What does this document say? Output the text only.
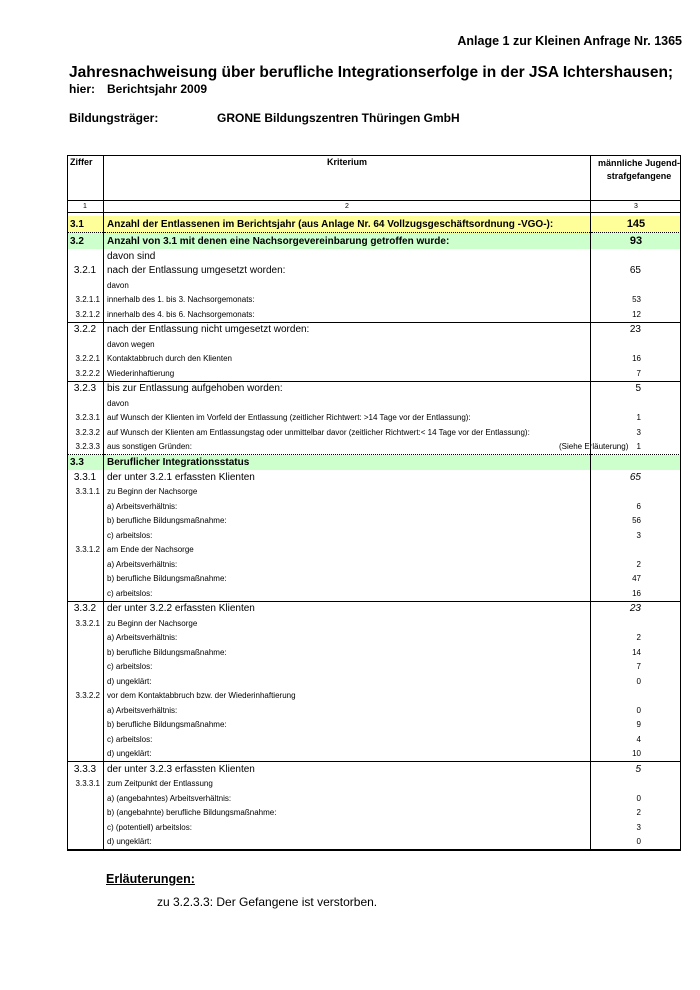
Anlage 1 zur Kleinen Anfrage Nr. 1365
Jahresnachweisung über berufliche Integrationserfolge in der JSA Ichtershausen;
hier: Berichtsjahr 2009
Bildungsträger:	GRONE Bildungszentren Thüringen GmbH
Ziffer	Kriterium	männliche Jugend-strafgefangene
1	2	3

3.1	Anzahl der Entlassenen im Berichtsjahr (aus Anlage Nr. 64 Vollzugsgeschäftsordnung -VGO-):	145
3.2	Anzahl von 3.1 mit denen eine Nachsorgevereinbarung getroffen wurde:	93
	davon sind	
3.2.1	nach der Entlassung umgesetzt worden:	65
	davon	
3.2.1.1	innerhalb des 1. bis 3. Nachsorgemonats:	53
3.2.1.2	innerhalb des 4. bis 6. Nachsorgemonats:	12
3.2.2	nach der Entlassung nicht umgesetzt worden:	23
	davon wegen	
3.2.2.1	Kontaktabbruch durch den Klienten	16
3.2.2.2	Wiederinhaftierung	7
3.2.3	bis zur Entlassung aufgehoben worden:	5
	davon	
3.2.3.1	auf Wunsch der Klienten im Vorfeld der Entlassung (zeitlicher Richtwert: >14 Tage vor der Entlassung):	1
3.2.3.2	auf Wunsch der Klienten am Entlassungstag oder unmittelbar davor (zeitlicher Richtwert:< 14 Tage vor der Entlassung):	3
3.2.3.3	aus sonstigen Gründen: (Siehe Erläuterung)	1
3.3	Beruflicher Integrationsstatus	
3.3.1	der unter 3.2.1 erfassten Klienten	65
3.3.1.1	zu Beginn der Nachsorge	
	a) Arbeitsverhältnis:	6
	b) berufliche Bildungsmaßnahme:	56
	c) arbeitslos:	3
3.3.1.2	am Ende der Nachsorge	
	a) Arbeitsverhältnis:	2
	b) berufliche Bildungsmaßnahme:	47
	c) arbeitslos:	16
3.3.2	der unter 3.2.2 erfassten Klienten	23
3.3.2.1	zu Beginn der Nachsorge	
	a) Arbeitsverhältnis:	2
	b) berufliche Bildungsmaßnahme:	14
	c) arbeitslos:	7
	d) ungeklärt:	0
3.3.2.2	vor dem Kontaktabbruch bzw. der Wiederinhaftierung	
	a) Arbeitsverhältnis:	0
	b) berufliche Bildungsmaßnahme:	9
	c) arbeitslos:	4
	d) ungeklärt:	10
3.3.3	der unter 3.2.3 erfassten Klienten	5
3.3.3.1	zum Zeitpunkt der Entlassung	
	a) (angebahntes) Arbeitsverhältnis:	0
	b) (angebahnte) berufliche Bildungsmaßnahme:	2
	c) (potentiell) arbeitslos:	3
	d) ungeklärt:	0
Erläuterungen:
zu 3.2.3.3: Der Gefangene ist verstorben.
